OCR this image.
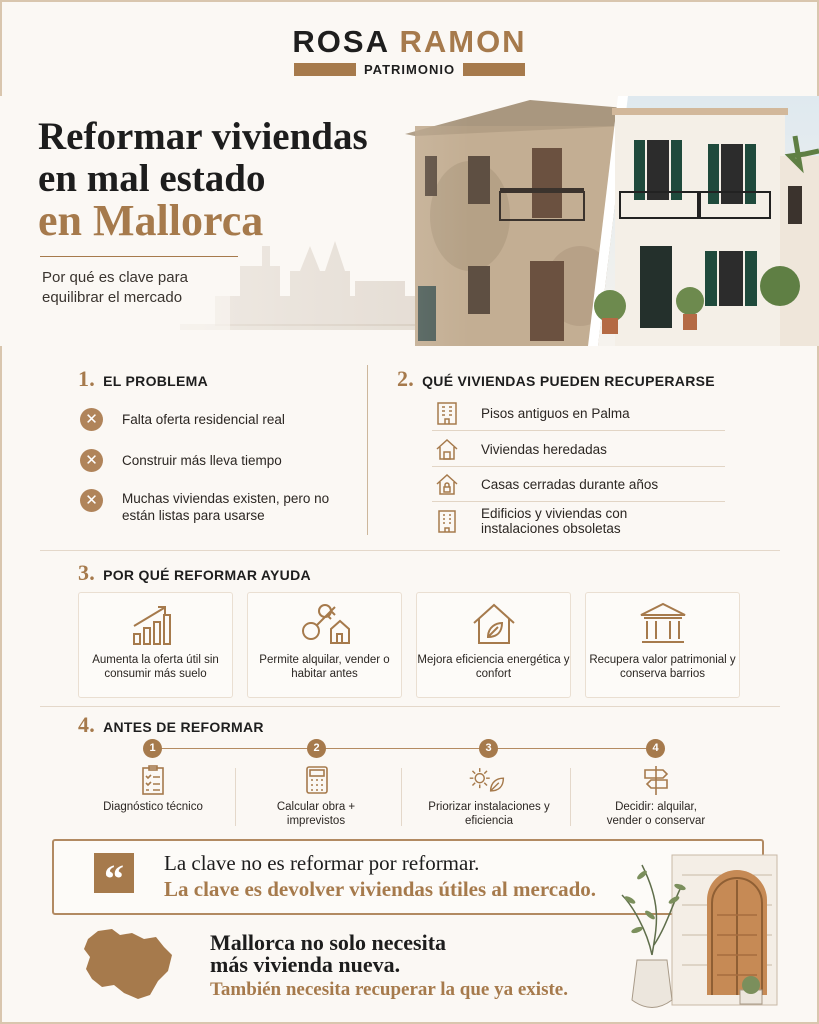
ROSA RAMON
PATRIMONIO
Reformar viviendas
en mal estado
en Mallorca
Por qué es clave para equilibrar el mercado
1. EL PROBLEMA
✕	Falta oferta residencial real
✕	Construir más lleva tiempo
✕	Muchas viviendas existen, pero no están listas para usarse
2. QUÉ VIVIENDAS PUEDEN RECUPERARSE
Pisos antiguos en Palma
Viviendas heredadas
Casas cerradas durante años
Edificios y viviendas con instalaciones obsoletas
3. POR QUÉ REFORMAR AYUDA
Aumenta la oferta útil sin consumir más suelo
Permite alquilar, vender o habitar antes
Mejora eficiencia energética y confort
Recupera valor patrimonial y conserva barrios
4. ANTES DE REFORMAR
1	2	3	4
Diagnóstico técnico	Calcular obra + imprevistos
Priorizar instalaciones y eficiencia
Decidir: alquilar, vender o conservar
“	La clave no es reformar por reformar.
La clave es devolver viviendas útiles al mercado.
Mallorca no solo necesita
más vivienda nueva.
También necesita recuperar la que ya existe.
